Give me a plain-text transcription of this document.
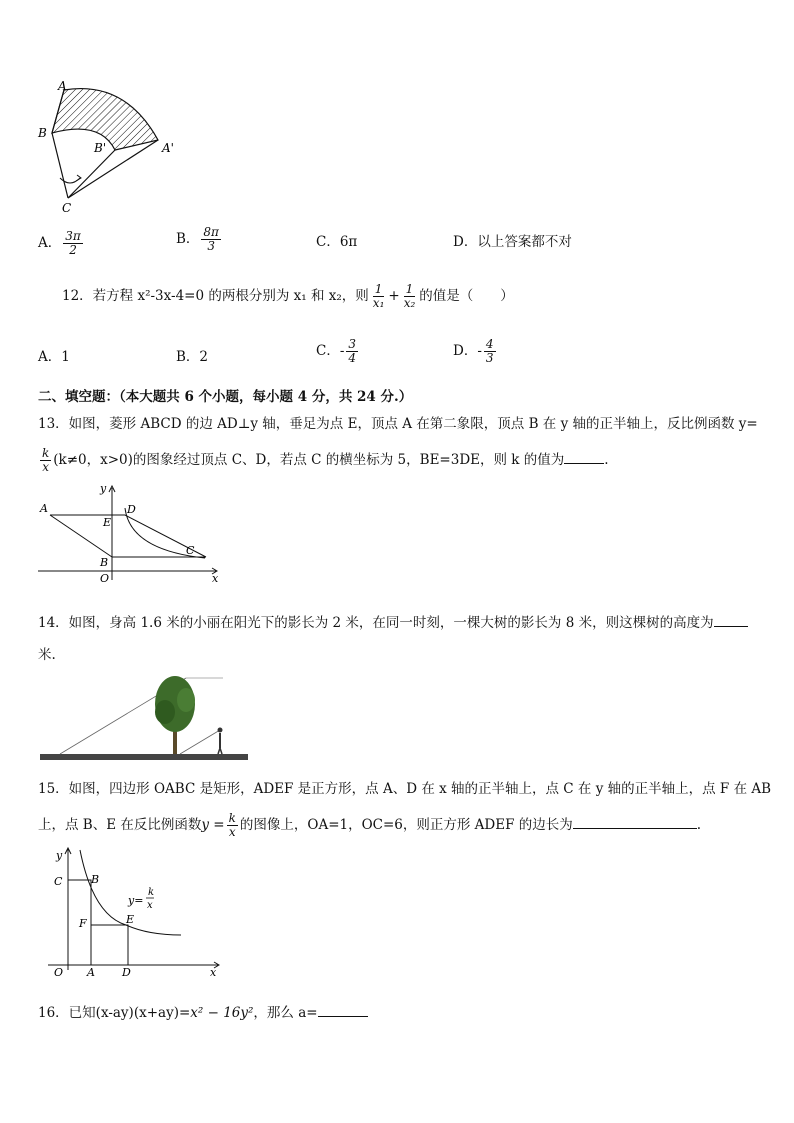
A
B
B'	A'
C
A． $\frac{3\pi}{2}$	B． $\frac{8\pi}{3}$	C．6π	D．以上答案都不对
12．若方程 x²-3x-4=0 的两根分别为 x₁ 和 x₂，则 $\frac{1}{\text{x₁}} + \frac{1}{\text{x₂}}$ 的值是（　　）
A．1	B．2	C．- $\frac{3}{4}$	D．- $\frac{4}{3}$
二、填空题：（本大题共 6 个小题，每小题 4 分，共 24 分.）
13．如图，菱形 ABCD 的边 AD⊥y 轴，垂足为点 E，顶点 A 在第二象限，顶点 B 在 y 轴的正半轴上，反比例函数 y=
$\frac{k}{x} (k\ne 0$，x>0)的图象经过顶点 C、D，若点 C 的横坐标为 5，BE=3DE，则 k 的值为	.
A
E
D
B
C
O	x
y
14．如图，身高 1.6 米的小丽在阳光下的影长为 2 米，在同一时刻，一棵大树的影长为 8 米，则这棵树的高度为
米.
15．如图，四边形 OABC 是矩形，ADEF 是正方形，点 A、D 在 x 轴的正半轴上，点 C 在 y 轴的正半轴上，点 F 在 AB
上，点 B、E 在反比例函数$y = \frac{k}{x}$ 的图像上，OA=1，OC=6，则正方形 ADEF 的边长为	.
y
C	B
F	E
O A D	x
y=
k
x
16．已知(x-ay)(x+ay)=x² − 16y²，那么 a=
